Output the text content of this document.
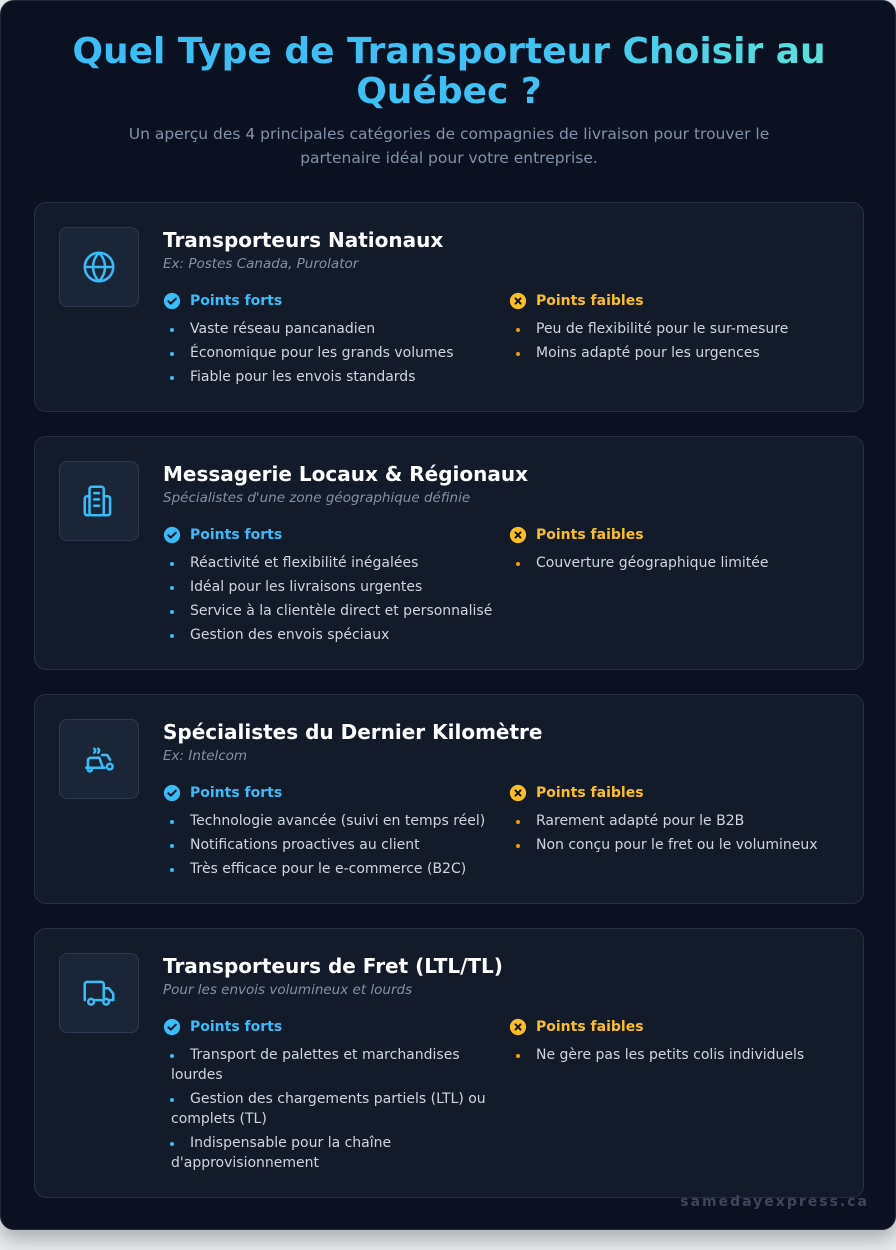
Quel Type de Transporteur Choisir au Québec ?

Un aperçu des 4 principales catégories de compagnies de livraison pour trouver le partenaire idéal pour votre entreprise.

Transporteurs Nationaux
Ex: Postes Canada, Purolator
Points forts
Vaste réseau pancanadien
Économique pour les grands volumes
Fiable pour les envois standards
Points faibles
Peu de flexibilité pour le sur-mesure
Moins adapté pour les urgences
Messagerie Locaux & Régionaux
Spécialistes d'une zone géographique définie
Points forts
Réactivité et flexibilité inégalées
Idéal pour les livraisons urgentes
Service à la clientèle direct et personnalisé
Gestion des envois spéciaux
Points faibles
Couverture géographique limitée
Spécialistes du Dernier Kilomètre
Ex: Intelcom
Points forts
Technologie avancée (suivi en temps réel)
Notifications proactives au client
Très efficace pour le e-commerce (B2C)
Points faibles
Rarement adapté pour le B2B
Non conçu pour le fret ou le volumineux
Transporteurs de Fret (LTL/TL)
Pour les envois volumineux et lourds
Points forts
Transport de palettes et marchandises lourdes
Gestion des chargements partiels (LTL) ou complets (TL)
Indispensable pour la chaîne d'approvisionnement
Points faibles
Ne gère pas les petits colis individuels
samedayexpress.ca
